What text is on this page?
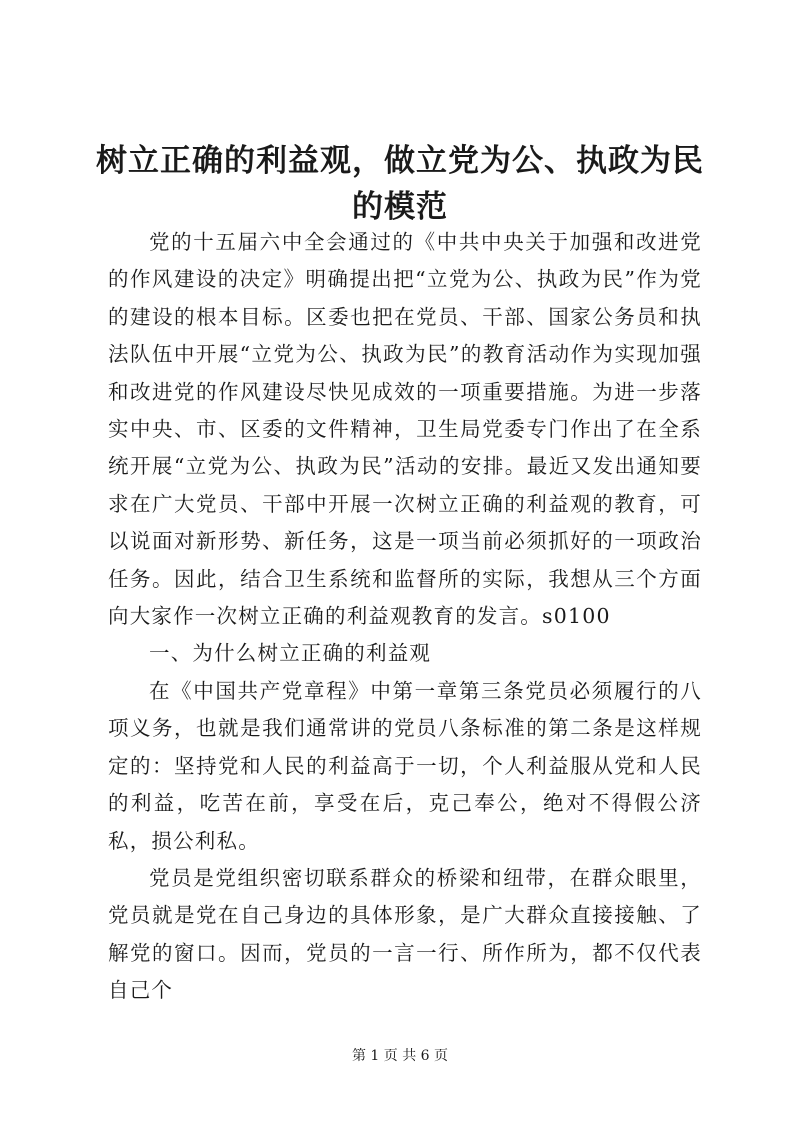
树立正确的利益观，做立党为公、执政为民的模范

党的十五届六中全会通过的《中共中央关于加强和改进党的作风建设的决定》明确提出把“立党为公、执政为民”作为党的建设的根本目标。区委也把在党员、干部、国家公务员和执法队伍中开展“立党为公、执政为民”的教育活动作为实现加强和改进党的作风建设尽快见成效的一项重要措施。为进一步落实中央、市、区委的文件精神，卫生局党委专门作出了在全系统开展“立党为公、执政为民”活动的安排。最近又发出通知要求在广大党员、干部中开展一次树立正确的利益观的教育，可以说面对新形势、新任务，这是一项当前必须抓好的一项政治任务。因此，结合卫生系统和监督所的实际，我想从三个方面向大家作一次树立正确的利益观教育的发言。s0100

一、为什么树立正确的利益观

在《中国共产党章程》中第一章第三条党员必须履行的八项义务，也就是我们通常讲的党员八条标准的第二条是这样规定的：坚持党和人民的利益高于一切，个人利益服从党和人民的利益，吃苦在前，享受在后，克己奉公，绝对不得假公济私，损公利私。

党员是党组织密切联系群众的桥梁和纽带，在群众眼里，党员就是党在自己身边的具体形象，是广大群众直接接触、了解党的窗口。因而，党员的一言一行、所作所为，都不仅代表自己个

第 1 页 共 6 页
